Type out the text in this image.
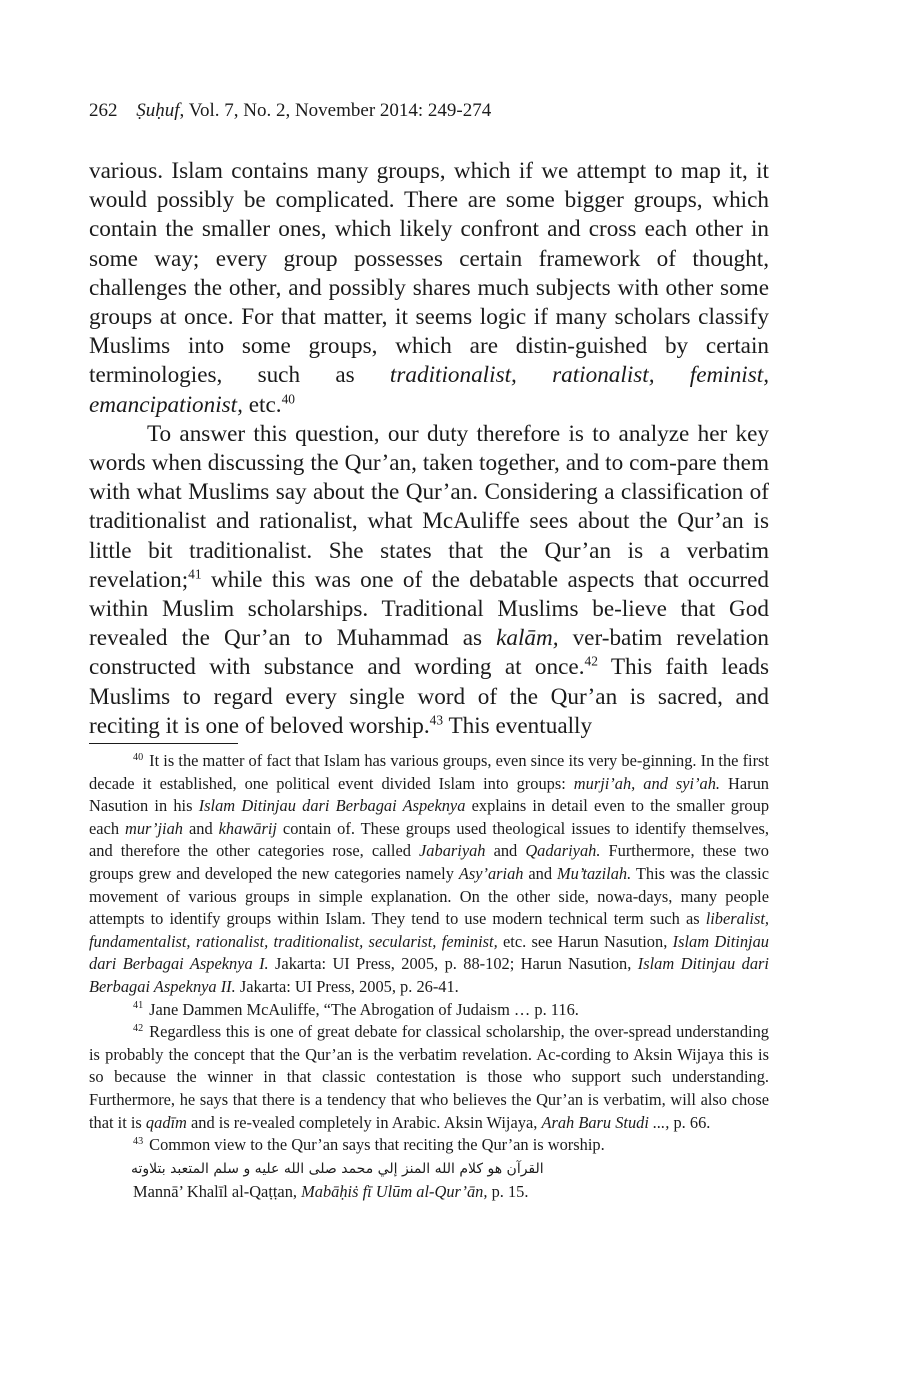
262 Ṣuḥuf, Vol. 7, No. 2, November 2014: 249-274

various. Islam contains many groups, which if we attempt to map it, it would possibly be complicated. There are some bigger groups, which contain the smaller ones, which likely confront and cross each other in some way; every group possesses certain framework of thought, challenges the other, and possibly shares much subjects with other some groups at once. For that matter, it seems logic if many scholars classify Muslims into some groups, which are distin-guished by certain terminologies, such as traditionalist, rationalist, feminist, emancipationist, etc.$^{40}$

To answer this question, our duty therefore is to analyze her key words when discussing the Qur’an, taken together, and to com-pare them with what Muslims say about the Qur’an. Considering a classification of traditionalist and rationalist, what McAuliffe sees about the Qur’an is little bit traditionalist. She states that the Qur’an is a verbatim revelation;$^{41}$ while this was one of the debatable aspects that occurred within Muslim scholarships. Traditional Muslims be-lieve that God revealed the Qur’an to Muhammad as kalām, ver-batim revelation constructed with substance and wording at once.$^{42}$ This faith leads Muslims to regard every single word of the Qur’an is sacred, and reciting it is one of beloved worship.$^{43}$ This eventually

$^{40}$ It is the matter of fact that Islam has various groups, even since its very be-ginning. In the first decade it established, one political event divided Islam into groups: murji’ah, and syi’ah. Harun Nasution in his Islam Ditinjau dari Berbagai Aspeknya explains in detail even to the smaller group each mur’jiah and khawārij contain of. These groups used theological issues to identify themselves, and therefore the other categories rose, called Jabariyah and Qadariyah. Furthermore, these two groups grew and developed the new categories namely Asy’ariah and Mu’tazilah. This was the classic movement of various groups in simple explanation. On the other side, nowa-days, many people attempts to identify groups within Islam. They tend to use modern technical term such as liberalist, fundamentalist, rationalist, traditionalist, secularist, feminist, etc. see Harun Nasution, Islam Ditinjau dari Berbagai Aspeknya I. Jakarta: UI Press, 2005, p. 88-102; Harun Nasution, Islam Ditinjau dari Berbagai Aspeknya II. Jakarta: UI Press, 2005, p. 26-41.

$^{41}$ Jane Dammen McAuliffe, “The Abrogation of Judaism … p. 116.

$^{42}$ Regardless this is one of great debate for classical scholarship, the over-spread understanding is probably the concept that the Qur’an is the verbatim revelation. Ac-cording to Aksin Wijaya this is so because the winner in that classic contestation is those who support such understanding. Furthermore, he says that there is a tendency that who believes the Qur’an is verbatim, will also chose that it is qadīm and is re-vealed completely in Arabic. Aksin Wijaya, Arah Baru Studi ..., p. 66.

$^{43}$ Common view to the Qur’an says that reciting the Qur’an is worship.

القرآن هو كلام الله المنز إلي محمد صلى الله عليه و سلم المتعبد بتلاوته

Mannā’ Khalīl al-Qaṭṭan, Mabāḥiṡ fī Ulūm al-Qur’ān, p. 15.
